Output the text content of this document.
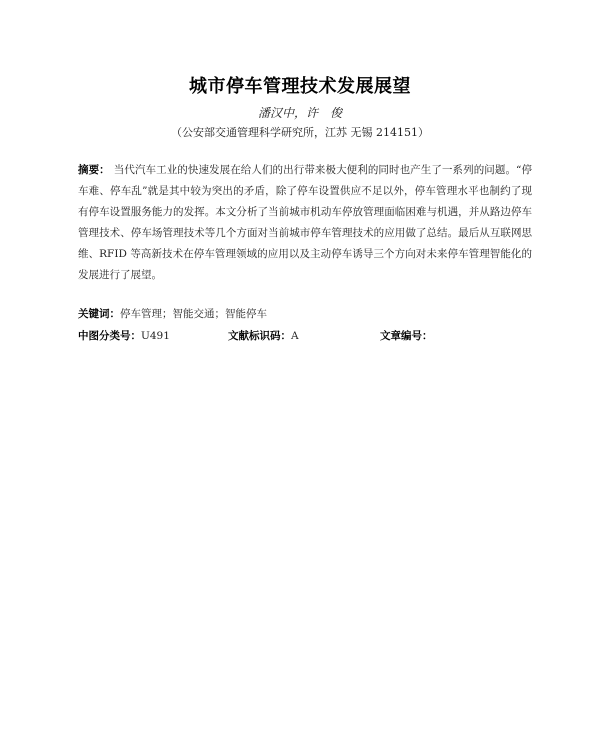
城市停车管理技术发展展望
潘汉中，许　俊
（公安部交通管理科学研究所，江苏 无锡 214151）
摘要： 当代汽车工业的快速发展在给人们的出行带来极大便利的同时也产生了一系列的问题。“停车难、停车乱”就是其中较为突出的矛盾，除了停车设置供应不足以外，停车管理水平也制约了现有停车设置服务能力的发挥。本文分析了当前城市机动车停放管理面临困难与机遇，并从路边停车管理技术、停车场管理技术等几个方面对当前城市停车管理技术的应用做了总结。最后从互联网思维、RFID 等高新技术在停车管理领域的应用以及主动停车诱导三个方向对未来停车管理智能化的发展进行了展望。
关键词：停车管理；智能交通；智能停车
中图分类号：U491	文献标识码：A	文章编号：
